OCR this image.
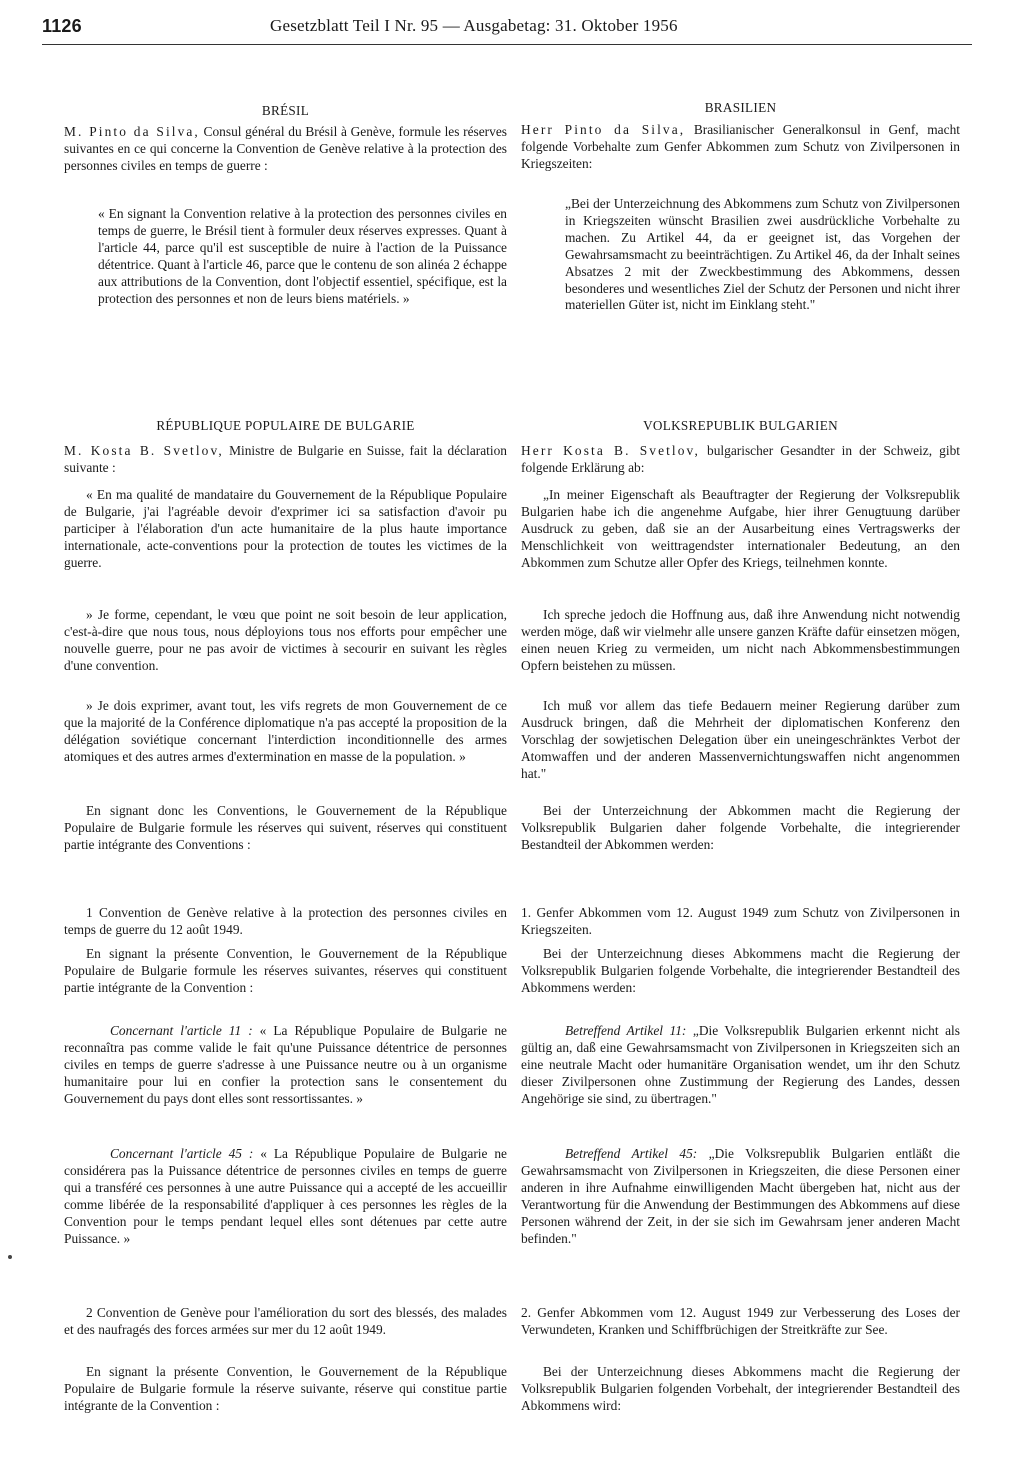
1126	Gesetzblatt Teil I Nr. 95 — Ausgabetag: 31. Oktober 1956
BRÉSIL

M. Pinto da Silva, Consul général du Brésil à Genève, formule les réserves suivantes en ce qui concerne la Convention de Genève relative à la protection des personnes civiles en temps de guerre :

« En signant la Convention relative à la protection des personnes civiles en temps de guerre, le Brésil tient à formuler deux réserves expresses. Quant à l'article 44, parce qu'il est susceptible de nuire à l'action de la Puissance détentrice. Quant à l'article 46, parce que le contenu de son alinéa 2 échappe aux attributions de la Convention, dont l'objectif essentiel, spécifique, est la protection des personnes et non de leurs biens matériels. »

RÉPUBLIQUE POPULAIRE DE BULGARIE

M. Kosta B. Svetlov, Ministre de Bulgarie en Suisse, fait la déclaration suivante :

« En ma qualité de mandataire du Gouvernement de la République Populaire de Bulgarie, j'ai l'agréable devoir d'exprimer ici sa satisfaction d'avoir pu participer à l'élaboration d'un acte humanitaire de la plus haute importance internationale, acte-conventions pour la protection de toutes les victimes de la guerre.

» Je forme, cependant, le vœu que point ne soit besoin de leur application, c'est-à-dire que nous tous, nous déployions tous nos efforts pour empêcher une nouvelle guerre, pour ne pas avoir de victimes à secourir en suivant les règles d'une convention.

» Je dois exprimer, avant tout, les vifs regrets de mon Gouvernement de ce que la majorité de la Conférence diplomatique n'a pas accepté la proposition de la délégation soviétique concernant l'interdiction inconditionnelle des armes atomiques et des autres armes d'extermination en masse de la population. »

En signant donc les Conventions, le Gouvernement de la République Populaire de Bulgarie formule les réserves qui suivent, réserves qui constituent partie intégrante des Conventions :

1 Convention de Genève relative à la protection des personnes civiles en temps de guerre du 12 août 1949.

En signant la présente Convention, le Gouvernement de la République Populaire de Bulgarie formule les réserves suivantes, réserves qui constituent partie intégrante de la Convention :

Concernant l'article 11 : « La République Populaire de Bulgarie ne reconnaîtra pas comme valide le fait qu'une Puissance détentrice de personnes civiles en temps de guerre s'adresse à une Puissance neutre ou à un organisme humanitaire pour lui en confier la protection sans le consentement du Gouvernement du pays dont elles sont ressortissantes. »

Concernant l'article 45 : « La République Populaire de Bulgarie ne considérera pas la Puissance détentrice de personnes civiles en temps de guerre qui a transféré ces personnes à une autre Puissance qui a accepté de les accueillir comme libérée de la responsabilité d'appliquer à ces personnes les règles de la Convention pour le temps pendant lequel elles sont détenues par cette autre Puissance. »

2 Convention de Genève pour l'amélioration du sort des blessés, des malades et des naufragés des forces armées sur mer du 12 août 1949.

En signant la présente Convention, le Gouvernement de la République Populaire de Bulgarie formule la réserve suivante, réserve qui constitue partie intégrante de la Convention :

BRASILIEN

Herr Pinto da Silva, Brasilianischer Generalkonsul in Genf, macht folgende Vorbehalte zum Genfer Abkommen zum Schutz von Zivilpersonen in Kriegszeiten:

„Bei der Unterzeichnung des Abkommens zum Schutz von Zivilpersonen in Kriegszeiten wünscht Brasilien zwei ausdrückliche Vorbehalte zu machen. Zu Artikel 44, da er geeignet ist, das Vorgehen der Gewahrsamsmacht zu beeinträchtigen. Zu Artikel 46, da der Inhalt seines Absatzes 2 mit der Zweckbestimmung des Abkommens, dessen besonderes und wesentliches Ziel der Schutz der Personen und nicht ihrer materiellen Güter ist, nicht im Einklang steht."

VOLKSREPUBLIK BULGARIEN

Herr Kosta B. Svetlov, bulgarischer Gesandter in der Schweiz, gibt folgende Erklärung ab:

„In meiner Eigenschaft als Beauftragter der Regierung der Volksrepublik Bulgarien habe ich die angenehme Aufgabe, hier ihrer Genugtuung darüber Ausdruck zu geben, daß sie an der Ausarbeitung eines Vertragswerks der Menschlichkeit von weittragendster internationaler Bedeutung, an den Abkommen zum Schutze aller Opfer des Kriegs, teilnehmen konnte.

Ich spreche jedoch die Hoffnung aus, daß ihre Anwendung nicht notwendig werden möge, daß wir vielmehr alle unsere ganzen Kräfte dafür einsetzen mögen, einen neuen Krieg zu vermeiden, um nicht nach Abkommensbestimmungen Opfern beistehen zu müssen.

Ich muß vor allem das tiefe Bedauern meiner Regierung darüber zum Ausdruck bringen, daß die Mehrheit der diplomatischen Konferenz den Vorschlag der sowjetischen Delegation über ein uneingeschränktes Verbot der Atomwaffen und der anderen Massenvernichtungswaffen nicht angenommen hat."

Bei der Unterzeichnung der Abkommen macht die Regierung der Volksrepublik Bulgarien daher folgende Vorbehalte, die integrierender Bestandteil der Abkommen werden:

1. Genfer Abkommen vom 12. August 1949 zum Schutz von Zivilpersonen in Kriegszeiten.

Bei der Unterzeichnung dieses Abkommens macht die Regierung der Volksrepublik Bulgarien folgende Vorbehalte, die integrierender Bestandteil des Abkommens werden:

Betreffend Artikel 11: „Die Volksrepublik Bulgarien erkennt nicht als gültig an, daß eine Gewahrsamsmacht von Zivilpersonen in Kriegszeiten sich an eine neutrale Macht oder humanitäre Organisation wendet, um ihr den Schutz dieser Zivilpersonen ohne Zustimmung der Regierung des Landes, dessen Angehörige sie sind, zu übertragen."

Betreffend Artikel 45: „Die Volksrepublik Bulgarien entläßt die Gewahrsamsmacht von Zivilpersonen in Kriegszeiten, die diese Personen einer anderen in ihre Aufnahme einwilligenden Macht übergeben hat, nicht aus der Verantwortung für die Anwendung der Bestimmungen des Abkommens auf diese Personen während der Zeit, in der sie sich im Gewahrsam jener anderen Macht befinden."

2. Genfer Abkommen vom 12. August 1949 zur Verbesserung des Loses der Verwundeten, Kranken und Schiffbrüchigen der Streitkräfte zur See.

Bei der Unterzeichnung dieses Abkommens macht die Regierung der Volksrepublik Bulgarien folgenden Vorbehalt, der integrierender Bestandteil des Abkommens wird:
